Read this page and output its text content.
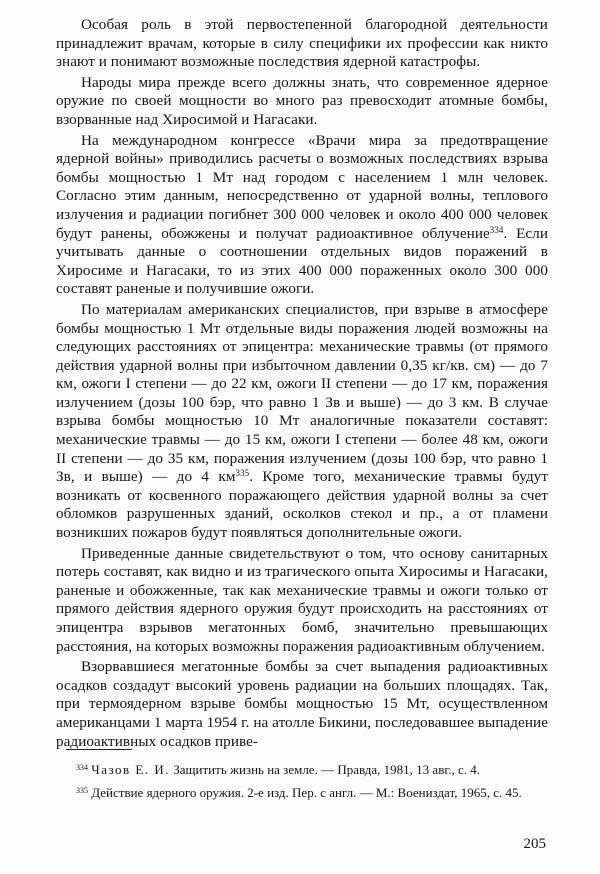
Особая роль в этой первостепенной благородной деятельности принадлежит врачам, которые в силу специфики их профессии как никто знают и понимают возможные последствия ядерной катастрофы.

Народы мира прежде всего должны знать, что современное ядерное оружие по своей мощности во много раз превосходит атомные бомбы, взорванные над Хиросимой и Нагасаки.

На международном конгрессе «Врачи мира за предотвращение ядерной войны» приводились расчеты о возможных последствиях взрыва бомбы мощностью 1 Мт над городом с населением 1 млн человек. Согласно этим данным, непосредственно от ударной волны, теплового излучения и радиации погибнет 300 000 человек и около 400 000 человек будут ранены, обожжены и получат радиоактивное облучение$^{334}$. Если учитывать данные о соотношении отдельных видов поражений в Хиросиме и Нагасаки, то из этих 400 000 пораженных около 300 000 составят раненые и получившие ожоги.

По материалам американских специалистов, при взрыве в атмосфере бомбы мощностью 1 Мт отдельные виды поражения людей возможны на следующих расстояниях от эпицентра: механические травмы (от прямого действия ударной волны при избыточном давлении 0,35 кг/кв. см) — до 7 км, ожоги I степени — до 22 км, ожоги II степени — до 17 км, поражения излучением (дозы 100 бэр, что равно 1 Зв и выше) — до 3 км. В случае взрыва бомбы мощностью 10 Мт аналогичные показатели составят: механические травмы — до 15 км, ожоги I степени — более 48 км, ожоги II степени — до 35 км, поражения излучением (дозы 100 бэр, что равно 1 Зв, и выше) — до 4 км$^{335}$. Кроме того, механические травмы будут возникать от косвенного поражающего действия ударной волны за счет обломков разрушенных зданий, осколков стекол и пр., а от пламени возникших пожаров будут появляться дополнительные ожоги.

Приведенные данные свидетельствуют о том, что основу санитарных потерь составят, как видно и из трагического опыта Хиросимы и Нагасаки, раненые и обожженные, так как механические травмы и ожоги только от прямого действия ядерного оружия будут происходить на расстояниях от эпицентра взрывов мегатонных бомб, значительно превышающих расстояния, на которых возможны поражения радиоактивным облучением.

Взорвавшиеся мегатонные бомбы за счет выпадения радиоактивных осадков создадут высокий уровень радиации на больших площадях. Так, при термоядерном взрыве бомбы мощностью 15 Мт, осуществленном американцами 1 марта 1954 г. на атолле Бикини, последовавшее выпадение радиоактивных осадков приве-

$^{334}$ Чазов Е. И. Защитить жизнь на земле. — Правда, 1981, 13 авг., с. 4.

$^{335}$ Действие ядерного оружия. 2-е изд. Пер. с англ. — М.: Воениздат, 1965, с. 45.

205
